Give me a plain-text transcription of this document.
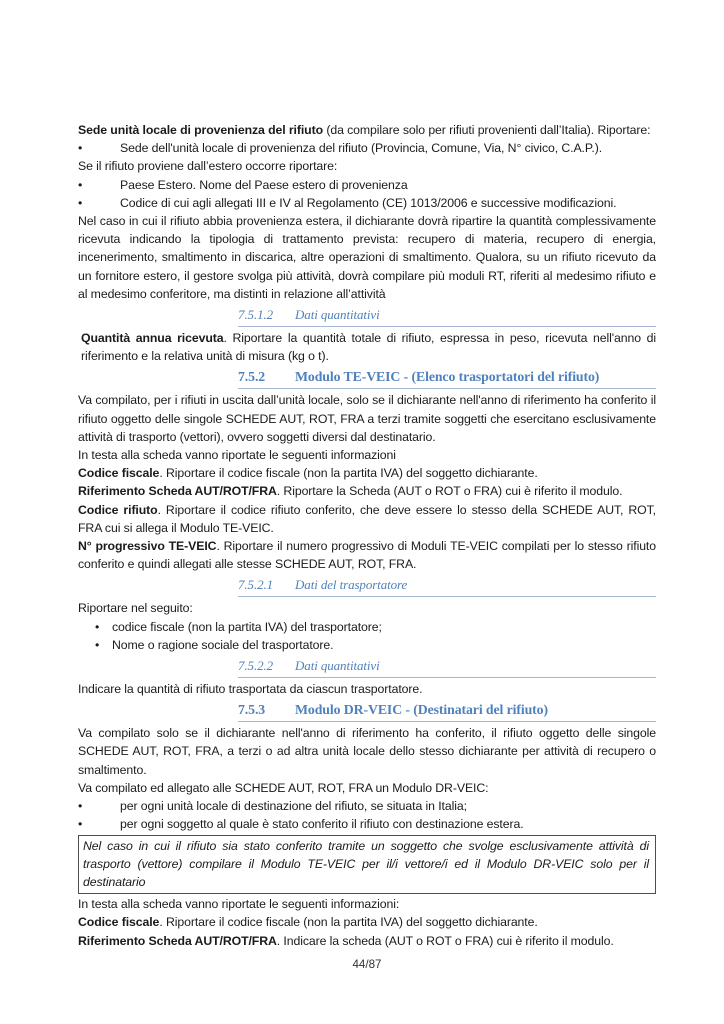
Sede unità locale di provenienza del rifiuto (da compilare solo per rifiuti provenienti dall’Italia). Riportare:

•	Sede dell'unità locale di provenienza del rifiuto (Provincia, Comune, Via, N° civico, C.A.P.).

Se il rifiuto proviene dall’estero occorre riportare:

•	Paese Estero. Nome del Paese estero di provenienza
•	Codice di cui agli allegati III e IV al Regolamento (CE) 1013/2006 e successive modificazioni.

Nel caso in cui il rifiuto abbia provenienza estera, il dichiarante dovrà ripartire la quantità complessivamente ricevuta indicando la tipologia di trattamento prevista: recupero di materia, recupero di energia, incenerimento, smaltimento in discarica, altre operazioni di smaltimento. Qualora, su un rifiuto ricevuto da un fornitore estero, il gestore svolga più attività, dovrà compilare più moduli RT, riferiti al medesimo rifiuto e al medesimo conferitore, ma distinti in relazione all’attività

7.5.1.2	Dati quantitativi

Quantità annua ricevuta. Riportare la quantità totale di rifiuto, espressa in peso, ricevuta nell'anno di riferimento e la relativa unità di misura (kg o t).

7.5.2	Modulo TE-VEIC - (Elenco trasportatori del rifiuto)

Va compilato, per i rifiuti in uscita dall’unità locale, solo se il dichiarante nell'anno di riferimento ha conferito il rifiuto oggetto delle singole SCHEDE AUT, ROT, FRA a terzi tramite soggetti che esercitano esclusivamente attività di trasporto (vettori), ovvero soggetti diversi dal destinatario.

In testa alla scheda vanno riportate le seguenti informazioni

Codice fiscale. Riportare il codice fiscale (non la partita IVA) del soggetto dichiarante.

Riferimento Scheda AUT/ROT/FRA. Riportare la Scheda (AUT o ROT o FRA) cui è riferito il modulo.

Codice rifiuto. Riportare il codice rifiuto conferito, che deve essere lo stesso della SCHEDE AUT, ROT, FRA cui si allega il Modulo TE-VEIC.

N° progressivo TE-VEIC. Riportare il numero progressivo di Moduli TE-VEIC compilati per lo stesso rifiuto conferito e quindi allegati alle stesse SCHEDE AUT, ROT, FRA.

7.5.2.1	Dati del trasportatore

Riportare nel seguito:

•	codice fiscale (non la partita IVA) del trasportatore;
•	Nome o ragione sociale del trasportatore.
7.5.2.2	Dati quantitativi

Indicare la quantità di rifiuto trasportata da ciascun trasportatore.

7.5.3	Modulo DR-VEIC - (Destinatari del rifiuto)

Va compilato solo se il dichiarante nell'anno di riferimento ha conferito, il rifiuto oggetto delle singole SCHEDE AUT, ROT, FRA, a terzi o ad altra unità locale dello stesso dichiarante per attività di recupero o smaltimento.

Va compilato ed allegato alle SCHEDE AUT, ROT, FRA un Modulo DR-VEIC:

•	per ogni unità locale di destinazione del rifiuto, se situata in Italia;
•	per ogni soggetto al quale è stato conferito il rifiuto con destinazione estera.
Nel caso in cui il rifiuto sia stato conferito tramite un soggetto che svolge esclusivamente attività di trasporto (vettore) compilare il Modulo TE-VEIC per il/i vettore/i ed il Modulo DR-VEIC solo per il destinatario

In testa alla scheda vanno riportate le seguenti informazioni:

Codice fiscale. Riportare il codice fiscale (non la partita IVA) del soggetto dichiarante.

Riferimento Scheda AUT/ROT/FRA. Indicare la scheda (AUT o ROT o FRA) cui è riferito il modulo.

44/87
